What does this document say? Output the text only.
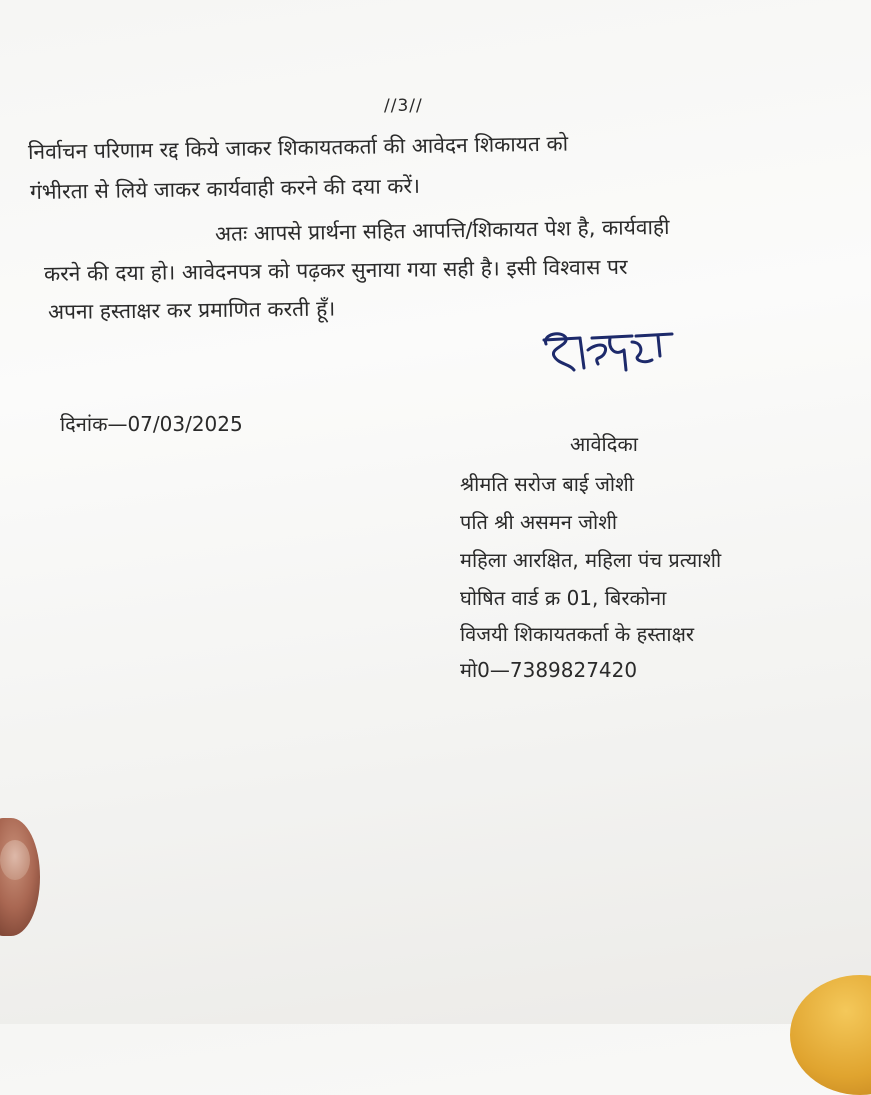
//3//
निर्वाचन परिणाम रद्द किये जाकर शिकायतकर्ता की आवेदन शिकायत को
गंभीरता से लिये जाकर कार्यवाही करने की दया करें।
अतः आपसे प्रार्थना सहित आपत्ति/शिकायत पेश है, कार्यवाही
करने की दया हो। आवेदनपत्र को पढ़कर सुनाया गया सही है। इसी विश्वास पर
अपना हस्ताक्षर कर प्रमाणित करती हूँ।
दिनांक—07/03/2025
आवेदिका
श्रीमति सरोज बाई जोशी
पति श्री असमन जोशी
महिला आरक्षित, महिला पंच प्रत्याशी
घोषित वार्ड क्र 01, बिरकोना
विजयी शिकायतकर्ता के हस्ताक्षर
मो0—7389827420
